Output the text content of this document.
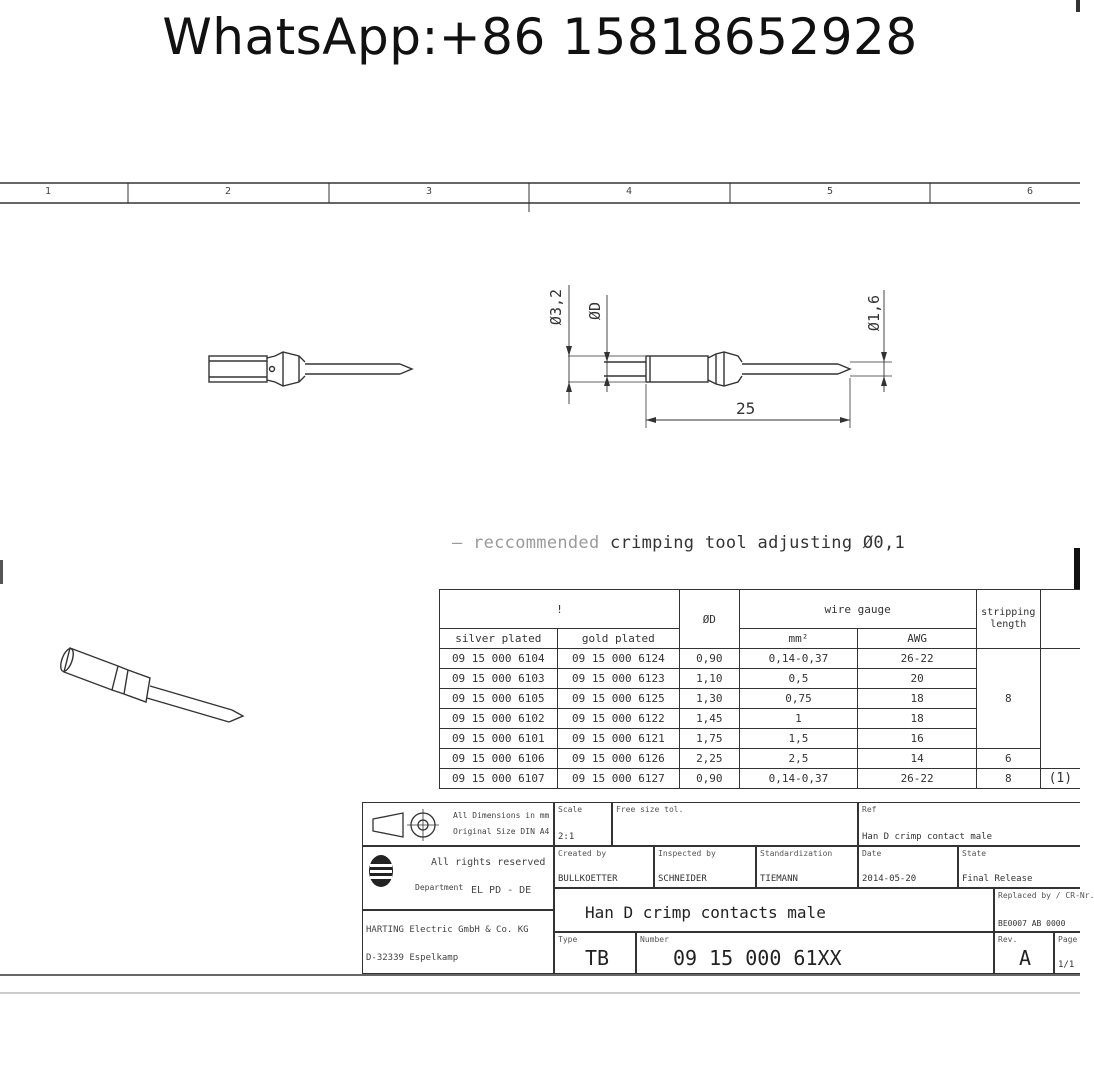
WhatsApp:+86 15818652928
1	2	3	4	5	6
Ø3,2 ØD	Ø1,6
25
— reccommended crimping tool adjusting Ø0,1
!		ØD	wire gauge		stripping length	
silver plated	gold plated		mm²	AWG		
09 15 000 6104	09 15 000 6124	0,90	0,14-0,37	26-22	8	
09 15 000 6103	09 15 000 6123	1,10	0,5	20		
09 15 000 6105	09 15 000 6125	1,30	0,75	18		
09 15 000 6102	09 15 000 6122	1,45	1	18		
09 15 000 6101	09 15 000 6121	1,75	1,5	16		
09 15 000 6106	09 15 000 6126	2,25	2,5	14	6	
09 15 000 6107	09 15 000 6127	0,90	0,14-0,37	26-22	8	(1)
All Dimensions in mm
Original Size DIN A4
Scale
2:1
Free size tol.	Ref
Han D crimp contact male
All rights reserved
Department EL PD - DE
Created by
BULLKOETTER
Inspected by
SCHNEIDER
Standardization
TIEMANN
Date
2014-05-20
State
Final Release
HARTING Electric GmbH & Co. KG
D-32339 Espelkamp
Han D crimp contacts male
Replaced by / CR-Nr.
BE0007 AB 0000
Type
TB
Number
09 15 000 61XX
Rev.
A
Page
1/1
